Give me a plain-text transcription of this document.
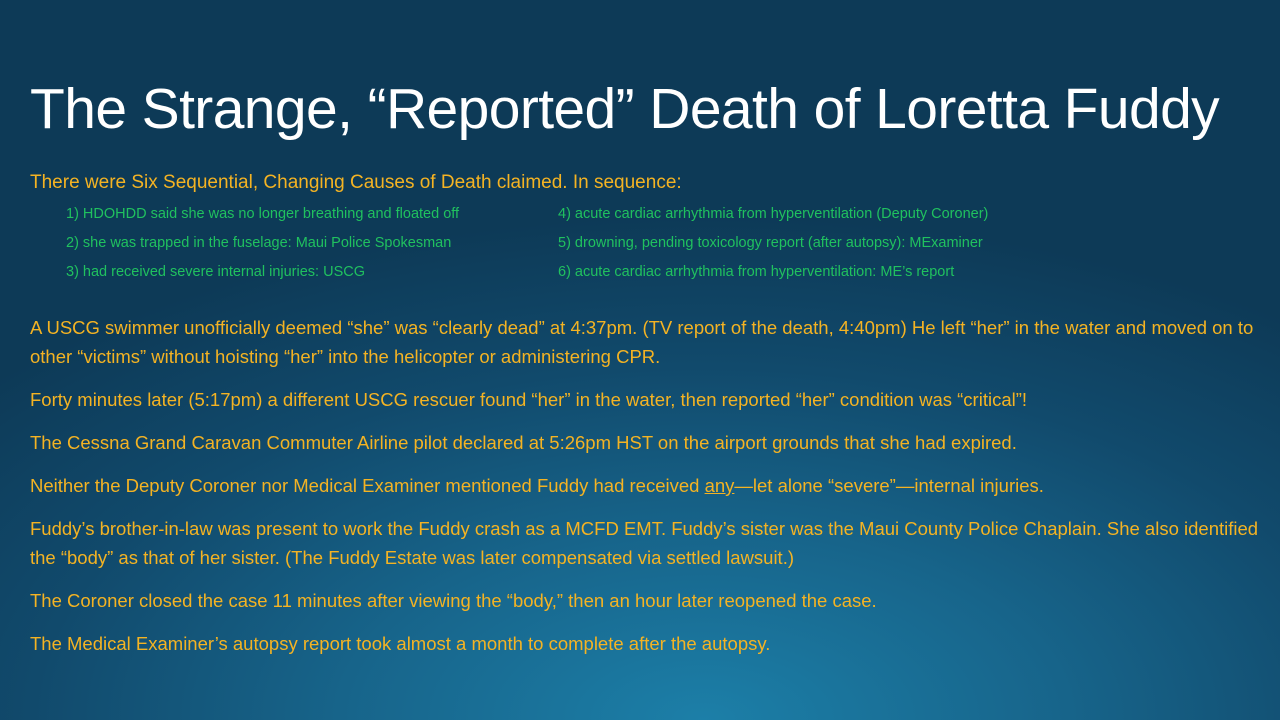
The Strange, “Reported” Death of Loretta Fuddy
There were Six Sequential, Changing Causes of Death claimed. In sequence:
1) HDOHDD said she was no longer breathing and floated off	4) acute cardiac arrhythmia from hyperventilation (Deputy Coroner)
2) she was trapped in the fuselage: Maui Police Spokesman	5) drowning, pending toxicology report (after autopsy): MExaminer
3) had received severe internal injuries: USCG	6) acute cardiac arrhythmia from hyperventilation: ME’s report

A USCG swimmer unofficially deemed “she” was “clearly dead” at 4:37pm. (TV report of the death, 4:40pm) He left “her” in the water and moved on to other “victims” without hoisting “her” into the helicopter or administering CPR.

Forty minutes later (5:17pm) a different USCG rescuer found “her” in the water, then reported “her” condition was “critical”!

The Cessna Grand Caravan Commuter Airline pilot declared at 5:26pm HST on the airport grounds that she had expired.

Neither the Deputy Coroner nor Medical Examiner mentioned Fuddy had received any—let alone “severe”—internal injuries.

Fuddy’s brother-in-law was present to work the Fuddy crash as a MCFD EMT. Fuddy’s sister was the Maui County Police Chaplain. She also identified the “body” as that of her sister. (The Fuddy Estate was later compensated via settled lawsuit.)

The Coroner closed the case 11 minutes after viewing the “body,” then an hour later reopened the case.

The Medical Examiner’s autopsy report took almost a month to complete after the autopsy.
